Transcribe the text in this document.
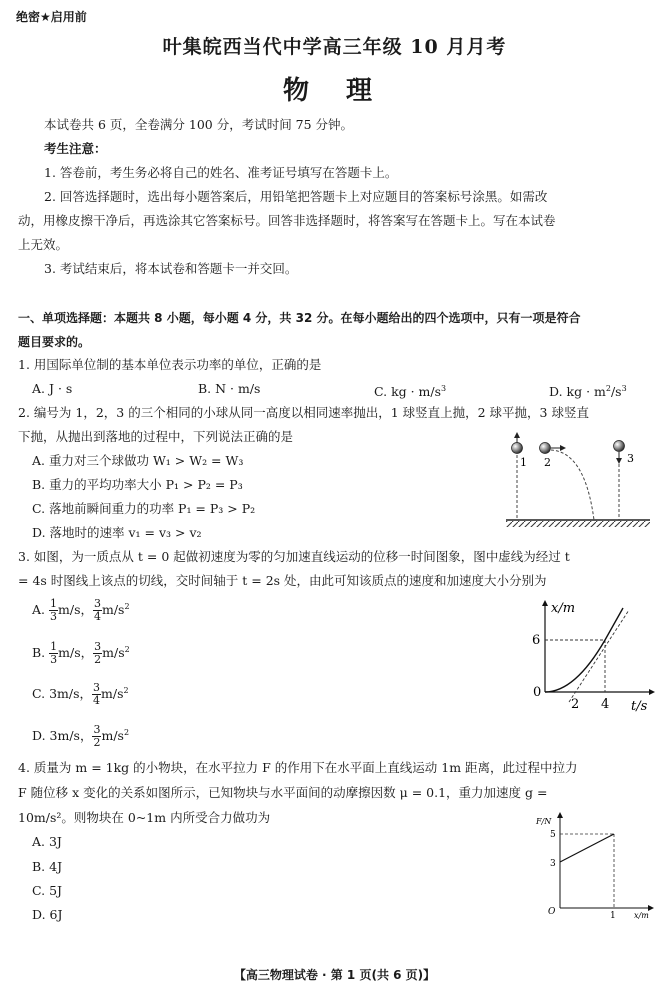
绝密★启用前
叶集皖西当代中学高三年级 10 月月考
物 理
本试卷共 6 页，全卷满分 100 分，考试时间 75 分钟。
考生注意：
1. 答卷前，考生务必将自己的姓名、准考证号填写在答题卡上。
2. 回答选择题时，选出每小题答案后，用铅笔把答题卡上对应题目的答案标号涂黑。如需改
动，用橡皮擦干净后，再选涂其它答案标号。回答非选择题时，将答案写在答题卡上。写在本试卷
上无效。
3. 考试结束后，将本试卷和答题卡一并交回。
一、单项选择题：本题共 8 小题，每小题 4 分，共 32 分。在每小题给出的四个选项中，只有一项是符合
题目要求的。
1. 用国际单位制的基本单位表示功率的单位，正确的是
A. J · s	B. N · m/s	C. kg · $m/s^3$	D. kg · $m^2/s^3$
2. 编号为 1，2，3 的三个相同的小球从同一高度以相同速率抛出，1 球竖直上抛，2 球平抛，3 球竖直
下抛，从抛出到落地的过程中，下列说法正确的是
A. 重力对三个球做功 W₁ > W₂ = W₃
B. 重力的平均功率大小 P₁ > P₂ = P₃
C. 落地前瞬间重力的功率 P₁ = P₃ > P₂
D. 落地时的速率 v₁ = v₃ > v₂
1 2	3
3. 如图，为一质点从 t = 0 起做初速度为零的匀加速直线运动的位移一时间图象，图中虚线为经过 t
= 4s 时图线上该点的切线，交时间轴于 t = 2s 处，由此可知该质点的速度和加速度大小分别为
A. $\frac{1}{3} m/s$， $\frac{3}{4} m/s^2$
B. $\frac{1}{3} m/s$， $\frac{3}{2} m/s^2$
C. 3m/s， $\frac{3}{4} m/s^2$
D. 3m/s， $\frac{3}{2} m/s^2$
x/m
t/s
6
0
2 4
4. 质量为 m = 1kg 的小物块，在水平拉力 F 的作用下在水平面上直线运动 1m 距离，此过程中拉力
F 随位移 x 变化的关系如图所示，已知物块与水平面间的动摩擦因数 μ = 0.1，重力加速度 g =
10m/s²。则物块在 0~1m 内所受合力做功为
A. 3J
B. 4J
C. 5J
D. 6J
F/N
x/m
5
3
O	1
【高三物理试卷 · 第 1 页(共 6 页)】
